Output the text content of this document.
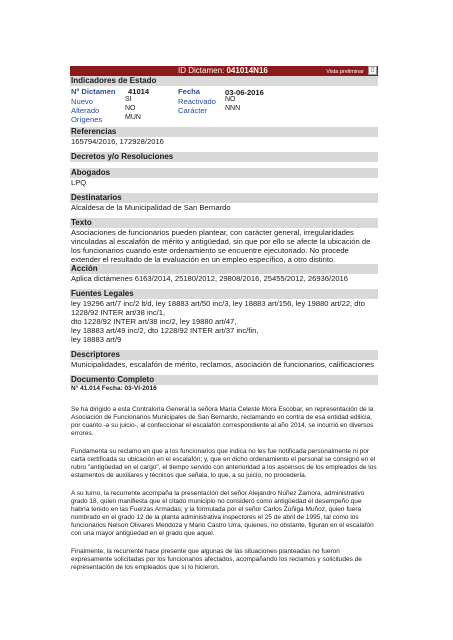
ID Dictamen: 041014N16	Vista preliminar	▯
Indicadores de Estado
Nº Dictamen 41014	Fecha	03-06-2016
Nuevo	SI	Reactivado NO
Alterado	NO	Carácter	NNN
Orígenes	MUN
Referencias
165794/2016, 172928/2016
Decretos y/o Resoluciones
Abogados
LPQ
Destinatarios
Alcaldesa de la Municipalidad de San Bernardo
Texto
Asociaciones de funcionarios pueden plantear, con carácter general, irregularidades vinculadas al escalafón de mérito y antigüedad, sin que por ello se afecte la ubicación de los funcionarios cuando este ordenamiento se encuentre ejecutoriado. No procede extender el resultado de la evaluación en un empleo específico, a otro distinto.
Acción
Aplica dictámenes 6163/2014, 25180/2012, 29808/2016, 25455/2012, 26936/2016
Fuentes Legales
ley 19296 art/7 inc/2 lt/d, ley 18883 art/50 inc/3, ley 18883 art/156, ley 19880 art/22, dto 1228/92 INTER art/38 inc/1,
dto 1228/92 INTER art/38 inc/2, ley 19880 art/47,
ley 18883 art/49 inc/2, dto 1228/92 INTER art/37 inc/fin,
ley 18883 art/9
Descriptores
Municipalidades, escalafón de mérito, reclamos, asociación de funcionarios, calificaciones
Documento Completo
N° 41.014 Fecha: 03-VI-2016

Se ha dirigido a esta Contraloría General la señora María Celeste Mora Escobar, en representación de la Asociación de Funcionarios Municipales de San Bernardo, reclamando en contra de esa entidad edilicia, por cuanto -a su juicio-, al confeccionar el escalafón correspondiente al año 2014, se incurrió en diversos errores.

Fundamenta su reclamo en que a los funcionarios que indica no les fue notificada personalmente ni por carta certificada su ubicación en el escalafón; y, que en dicho ordenamiento el personal se consignó en el rubro "antigüedad en el cargo", el tiempo servido con anterioridad a los ascensos de los empleados de los estamentos de auxiliares y técnicos que señala, lo que, a su juicio, no procedería.

A su turno, la recurrente acompaña la presentación del señor Alejandro Núñez Zamora, administrativo grado 18, quien manifiesta que el citado municipio no consideró como antigüedad el desempeño que habría tenido en las Fuerzas Armadas; y la formulada por el señor Carlos Zúñiga Muñoz, quien fuera nombrado en el grado 12 de la planta administrativa inspectores el 25 de abril de 1995, tal como los funcionarios Nelson Olivares Mendoza y Mario Castro Urra, quienes, no obstante, figuran en el escalafón con una mayor antigüedad en el grado que aquel.

Finalmente, la recurrente hace presente que algunas de las situaciones planteadas no fueron expresamente solicitadas por los funcionarios afectados, acompañando los reclamos y solicitudes de representación de los empleados que sí lo hicieron.
